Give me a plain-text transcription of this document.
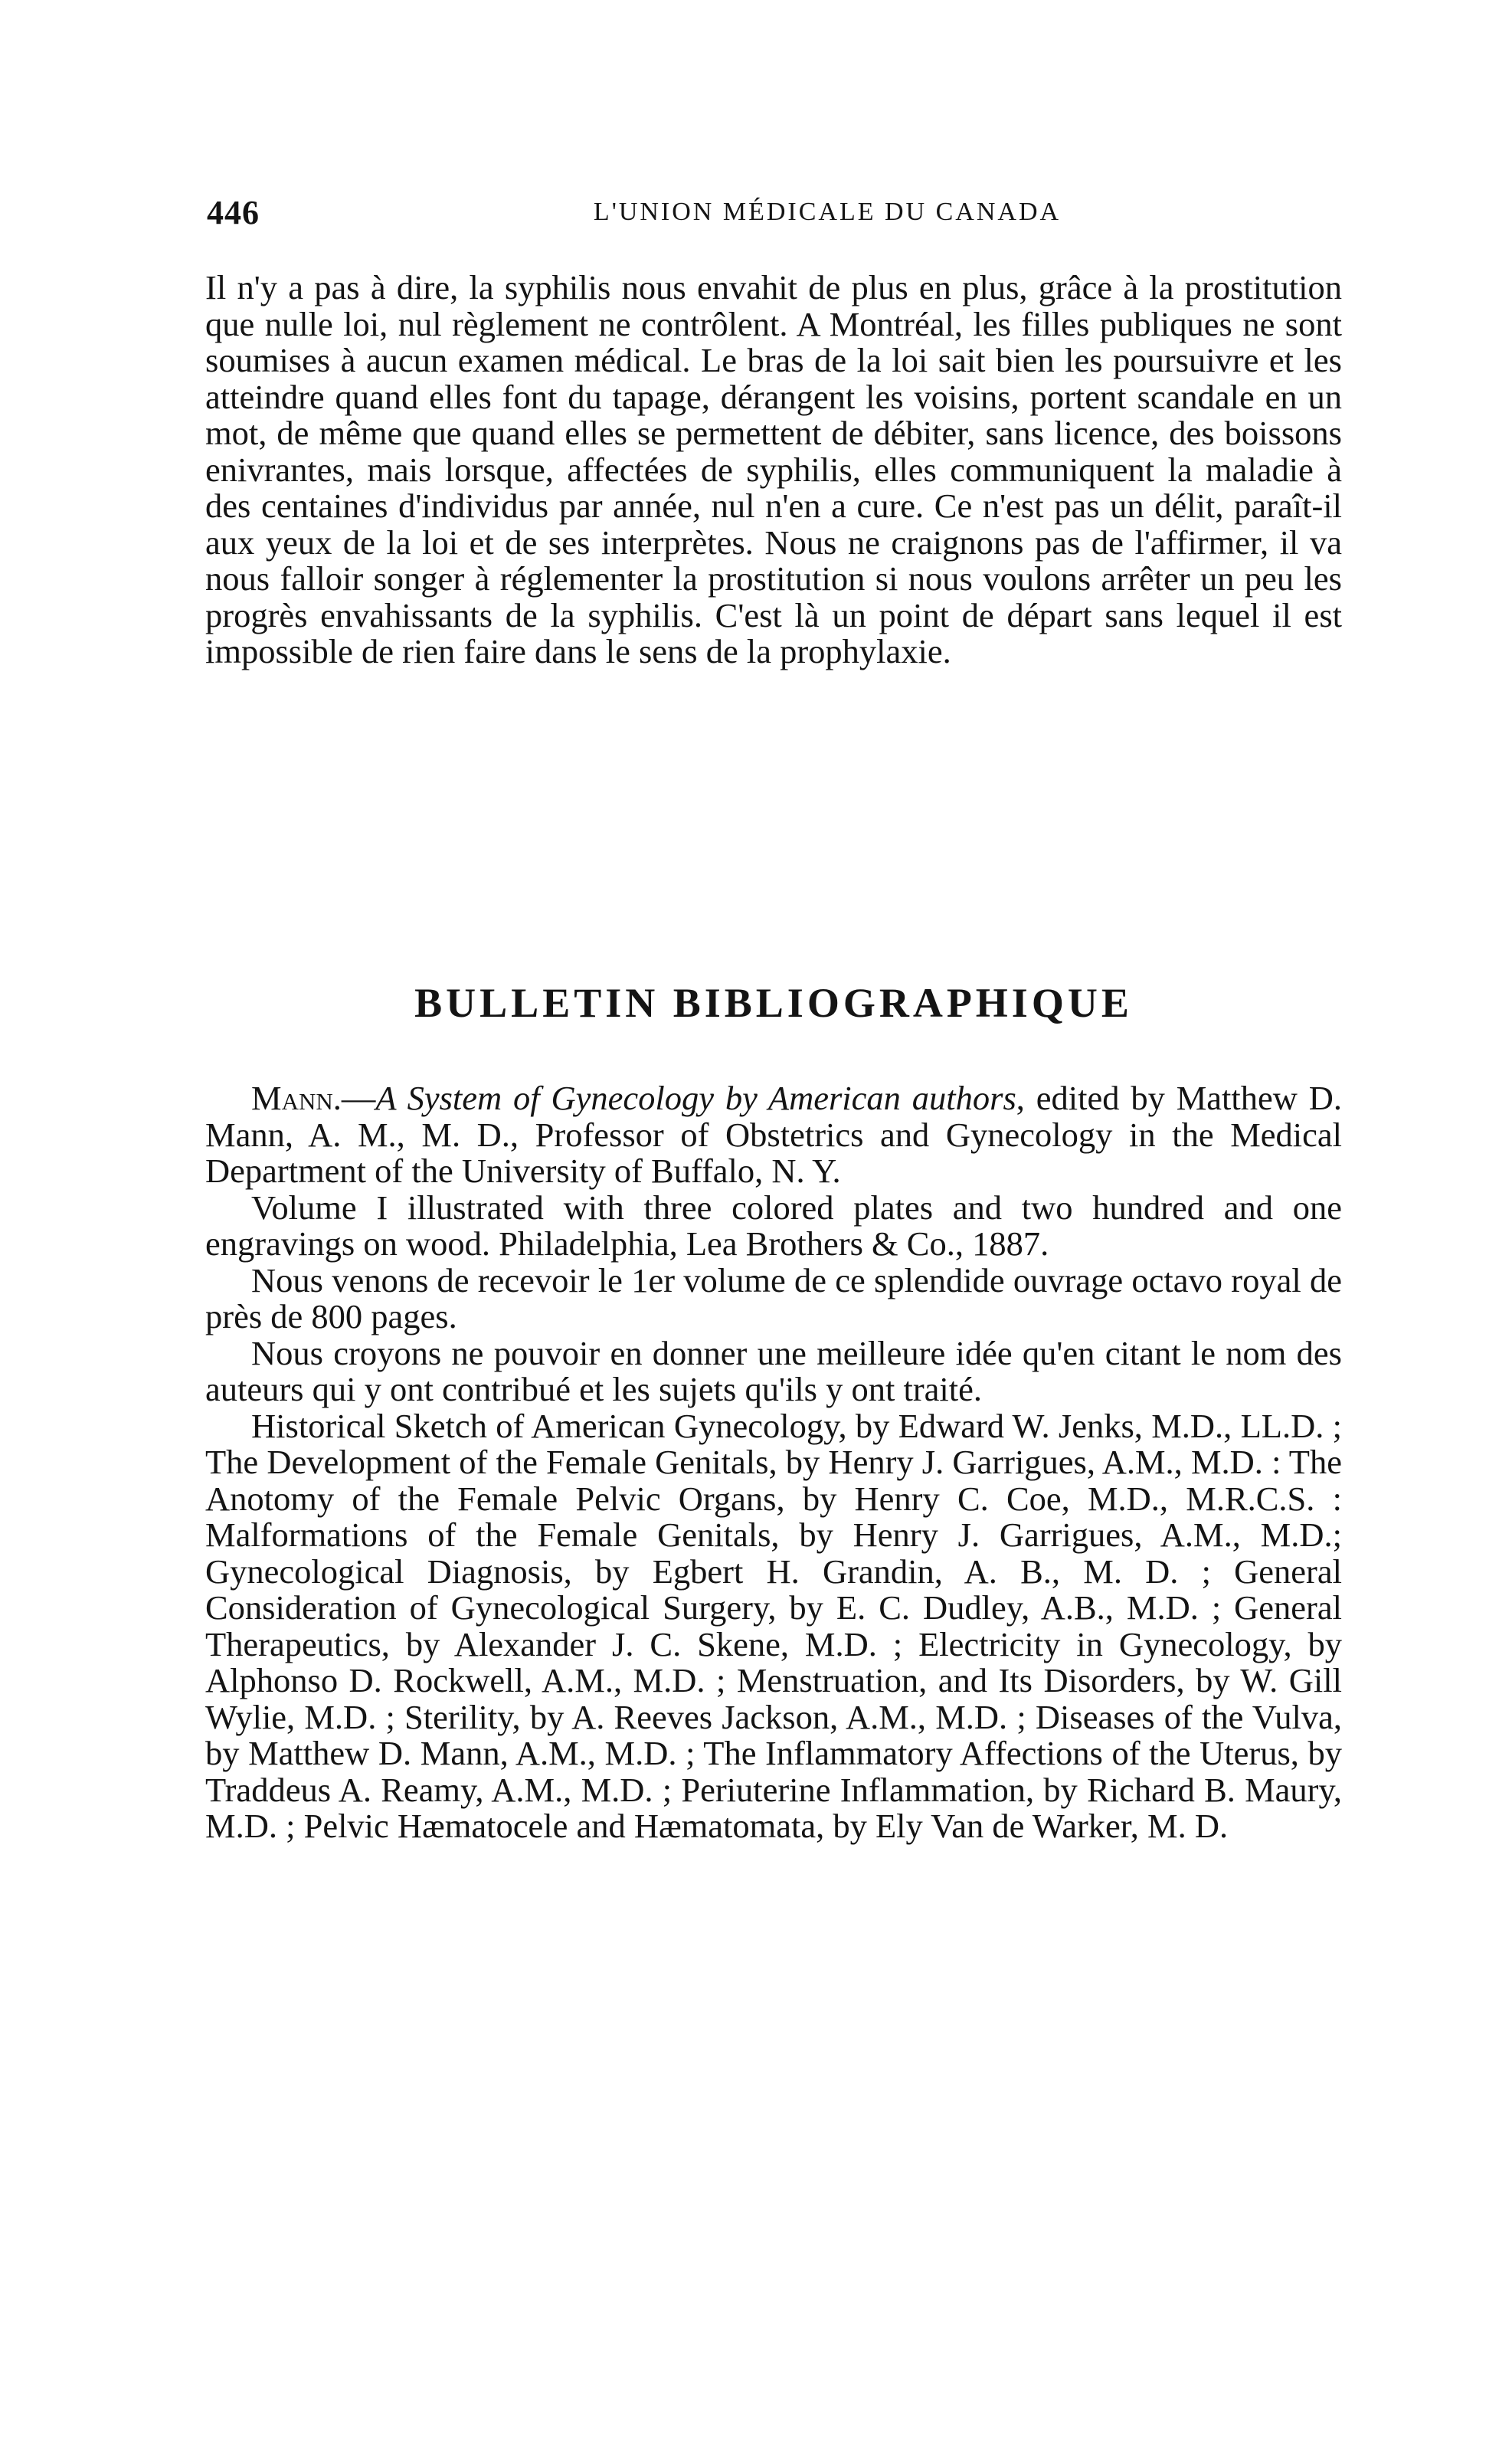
446	L'UNION MÉDICALE DU CANADA

Il n'y a pas à dire, la syphilis nous envahit de plus en plus, grâce à la prostitution que nulle loi, nul règlement ne contrôlent. A Montréal, les filles publiques ne sont soumises à aucun examen médical. Le bras de la loi sait bien les poursuivre et les atteindre quand elles font du tapage, dérangent les voisins, portent scandale en un mot, de même que quand elles se permettent de débiter, sans licence, des boissons enivrantes, mais lorsque, affectées de syphilis, elles communiquent la maladie à des centaines d'individus par année, nul n'en a cure. Ce n'est pas un délit, paraît-il aux yeux de la loi et de ses interprètes. Nous ne craignons pas de l'affirmer, il va nous falloir songer à réglementer la prostitution si nous voulons arrêter un peu les progrès envahissants de la syphilis. C'est là un point de départ sans lequel il est impossible de rien faire dans le sens de la prophylaxie.

BULLETIN BIBLIOGRAPHIQUE

Mann.—A System of Gynecology by American authors, edited by Matthew D. Mann, A. M., M. D., Professor of Obstetrics and Gynecology in the Medical Department of the University of Buffalo, N. Y.

Volume I illustrated with three colored plates and two hundred and one engravings on wood. Philadelphia, Lea Brothers & Co., 1887.

Nous venons de recevoir le 1er volume de ce splendide ouvrage octavo royal de près de 800 pages.

Nous croyons ne pouvoir en donner une meilleure idée qu'en citant le nom des auteurs qui y ont contribué et les sujets qu'ils y ont traité.

Historical Sketch of American Gynecology, by Edward W. Jenks, M.D., LL.D. ; The Development of the Female Genitals, by Henry J. Garrigues, A.M., M.D. : The Anotomy of the Female Pelvic Organs, by Henry C. Coe, M.D., M.R.C.S. : Malformations of the Female Genitals, by Henry J. Garrigues, A.M., M.D.; Gynecological Diagnosis, by Egbert H. Grandin, A. B., M. D. ; General Consideration of Gynecological Surgery, by E. C. Dudley, A.B., M.D. ; General Therapeutics, by Alexander J. C. Skene, M.D. ; Electricity in Gynecology, by Alphonso D. Rockwell, A.M., M.D. ; Menstruation, and Its Disorders, by W. Gill Wylie, M.D. ; Sterility, by A. Reeves Jackson, A.M., M.D. ; Diseases of the Vulva, by Matthew D. Mann, A.M., M.D. ; The Inflammatory Affections of the Uterus, by Traddeus A. Reamy, A.M., M.D. ; Periuterine Inflammation, by Richard B. Maury, M.D. ; Pelvic Hæmatocele and Hæmatomata, by Ely Van de Warker, M. D.
